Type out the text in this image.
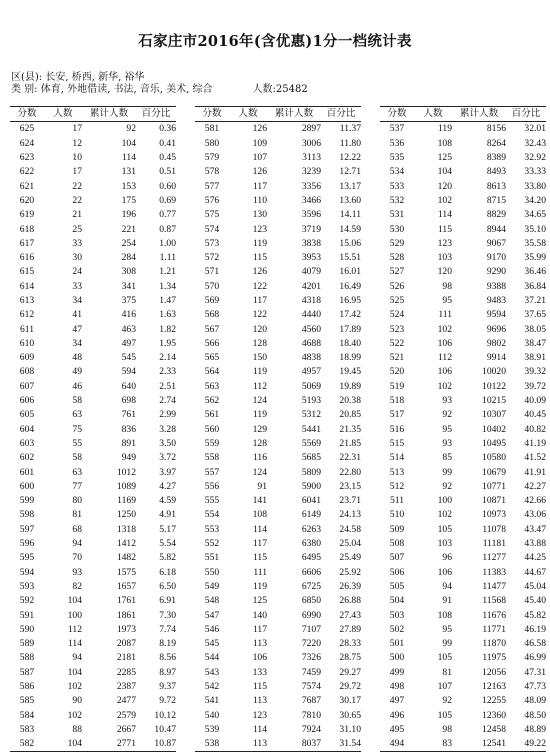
石家庄市2016年(含优惠)1分一档统计表
区(县): 长安, 桥西, 新华, 裕华
类 别: 体育, 外地借读, 书法, 音乐, 美术, 综合	人数:25482
分数	人数	累计人数	百分比
625	17	92	0.36
624	12	104	0.41
623	10	114	0.45
622	17	131	0.51
621	22	153	0.60
620	22	175	0.69
619	21	196	0.77
618	25	221	0.87
617	33	254	1.00
616	30	284	1.11
615	24	308	1.21
614	33	341	1.34
613	34	375	1.47
612	41	416	1.63
611	47	463	1.82
610	34	497	1.95
609	48	545	2.14
608	49	594	2.33
607	46	640	2.51
606	58	698	2.74
605	63	761	2.99
604	75	836	3.28
603	55	891	3.50
602	58	949	3.72
601	63	1012	3.97
600	77	1089	4.27
599	80	1169	4.59
598	81	1250	4.91
597	68	1318	5.17
596	94	1412	5.54
595	70	1482	5.82
594	93	1575	6.18
593	82	1657	6.50
592	104	1761	6.91
591	100	1861	7.30
590	112	1973	7.74
589	114	2087	8.19
588	94	2181	8.56
587	104	2285	8.97
586	102	2387	9.37
585	90	2477	9.72
584	102	2579	10.12
583	88	2667	10.47
582	104	2771	10.87
分数	人数	累计人数	百分比
581	126	2897	11.37
580	109	3006	11.80
579	107	3113	12.22
578	126	3239	12.71
577	117	3356	13.17
576	110	3466	13.60
575	130	3596	14.11
574	123	3719	14.59
573	119	3838	15.06
572	115	3953	15.51
571	126	4079	16.01
570	122	4201	16.49
569	117	4318	16.95
568	122	4440	17.42
567	120	4560	17.89
566	128	4688	18.40
565	150	4838	18.99
564	119	4957	19.45
563	112	5069	19.89
562	124	5193	20.38
561	119	5312	20.85
560	129	5441	21.35
559	128	5569	21.85
558	116	5685	22.31
557	124	5809	22.80
556	91	5900	23.15
555	141	6041	23.71
554	108	6149	24.13
553	114	6263	24.58
552	117	6380	25.04
551	115	6495	25.49
550	111	6606	25.92
549	119	6725	26.39
548	125	6850	26.88
547	140	6990	27.43
546	117	7107	27.89
545	113	7220	28.33
544	106	7326	28.75
543	133	7459	29.27
542	115	7574	29.72
541	113	7687	30.17
540	123	7810	30.65
539	114	7924	31.10
538	113	8037	31.54
分数	人数	累计人数	百分比
537	119	8156	32.01
536	108	8264	32.43
535	125	8389	32.92
534	104	8493	33.33
533	120	8613	33.80
532	102	8715	34.20
531	114	8829	34.65
530	115	8944	35.10
529	123	9067	35.58
528	103	9170	35.99
527	120	9290	36.46
526	98	9388	36.84
525	95	9483	37.21
524	111	9594	37.65
523	102	9696	38.05
522	106	9802	38.47
521	112	9914	38.91
520	106	10020	39.32
519	102	10122	39.72
518	93	10215	40.09
517	92	10307	40.45
516	95	10402	40.82
515	93	10495	41.19
514	85	10580	41.52
513	99	10679	41.91
512	92	10771	42.27
511	100	10871	42.66
510	102	10973	43.06
509	105	11078	43.47
508	103	11181	43.88
507	96	11277	44.25
506	106	11383	44.67
505	94	11477	45.04
504	91	11568	45.40
503	108	11676	45.82
502	95	11771	46.19
501	99	11870	46.58
500	105	11975	46.99
499	81	12056	47.31
498	107	12163	47.73
497	92	12255	48.09
496	105	12360	48.50
495	98	12458	48.89
494	83	12541	49.22
